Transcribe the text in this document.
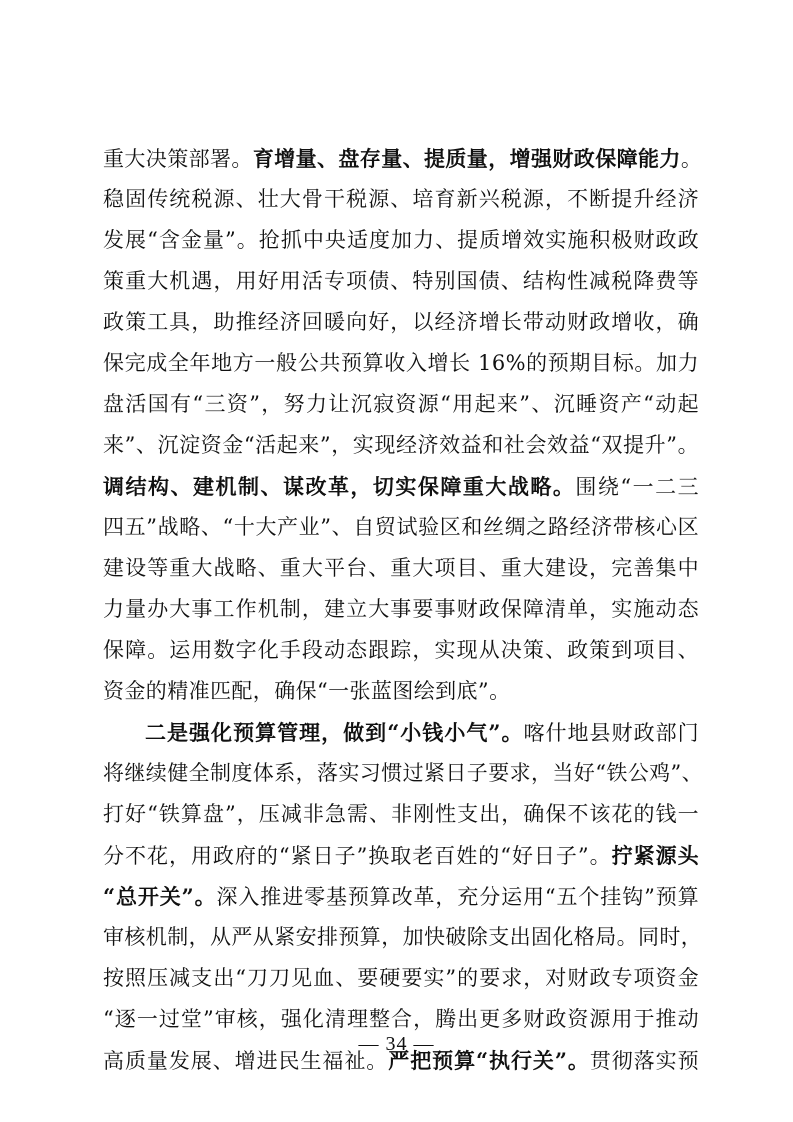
重大决策部署。育增量、盘存量、提质量，增强财政保障能力。
稳固传统税源、壮大骨干税源、培育新兴税源，不断提升经济
发展“含金量”。抢抓中央适度加力、提质增效实施积极财政政
策重大机遇，用好用活专项债、特别国债、结构性减税降费等
政策工具，助推经济回暖向好，以经济增长带动财政增收，确
保完成全年地方一般公共预算收入增长 16%的预期目标。加力
盘活国有“三资”，努力让沉寂资源“用起来”、沉睡资产“动起
来”、沉淀资金“活起来”，实现经济效益和社会效益“双提升”。
调结构、建机制、谋改革，切实保障重大战略。围绕“一二三
四五”战略、“十大产业”、自贸试验区和丝绸之路经济带核心区
建设等重大战略、重大平台、重大项目、重大建设，完善集中
力量办大事工作机制，建立大事要事财政保障清单，实施动态
保障。运用数字化手段动态跟踪，实现从决策、政策到项目、
资金的精准匹配，确保“一张蓝图绘到底”。
二是强化预算管理，做到“小钱小气”。喀什地县财政部门
将继续健全制度体系，落实习惯过紧日子要求，当好“铁公鸡”、
打好“铁算盘”，压减非急需、非刚性支出，确保不该花的钱一
分不花，用政府的“紧日子”换取老百姓的“好日子”。拧紧源头
“总开关”。深入推进零基预算改革，充分运用“五个挂钩”预算
审核机制，从严从紧安排预算，加快破除支出固化格局。同时，
按照压减支出“刀刀见血、要硬要实”的要求，对财政专项资金
“逐一过堂”审核，强化清理整合，腾出更多财政资源用于推动
高质量发展、增进民生福祉。严把预算“执行关”。贯彻落实预
— 34 —
